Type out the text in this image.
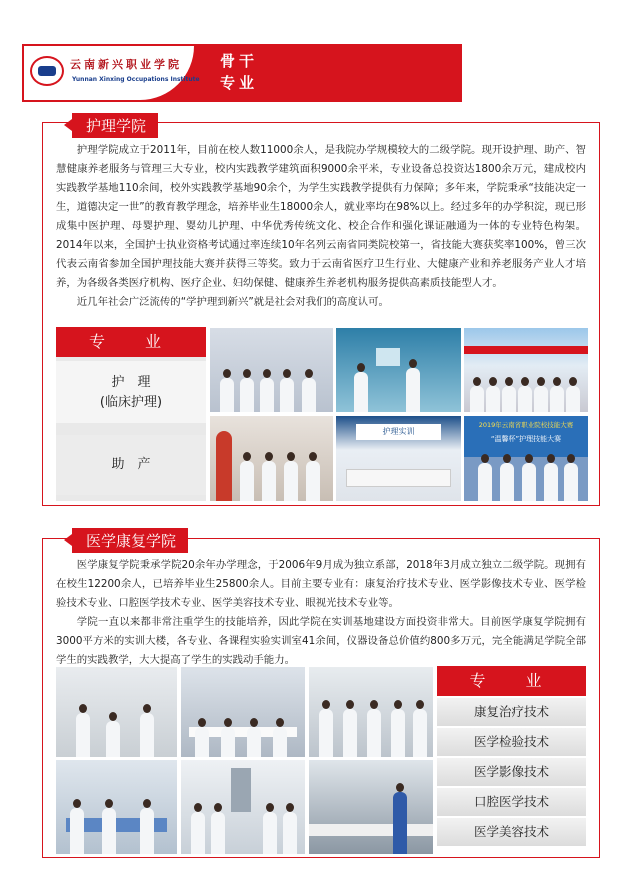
云南新兴职业学院
Yunnan Xinxing Occupations Institute
骨干
专业
护理学院
护理学院成立于2011年，目前在校人数11000余人，是我院办学规模较大的二级学院。现开设护理、助产、智慧健康养老服务与管理三大专业，校内实践教学建筑面积9000余平米，专业设备总投资达1800余万元，建成校内实践教学基地110余间，校外实践教学基地90余个，为学生实践教学提供有力保障；多年来，学院秉承“技能决定一生，道德决定一世”的教育教学理念，培养毕业生18000余人，就业率均在98%以上。经过多年的办学积淀，现已形成集中医护理、母婴护理、婴幼儿护理、中华优秀传统文化、校企合作和强化课证融通为一体的专业特色构架。2014年以来，全国护士执业资格考试通过率连续10年名列云南省同类院校第一，省技能大赛获奖率100%，曾三次代表云南省参加全国护理技能大赛并获得三等奖。致力于云南省医疗卫生行业、大健康产业和养老服务产业人才培养，为各级各类医疗机构、医疗企业、妇幼保健、健康养生养老机构服务提供高素质技能型人才。
近几年社会广泛流传的“学护理到新兴”就是社会对我们的高度认可。
专　业
护　理
(临床护理)
助　产
护理实训
2019年云南省职业院校技能大赛
“温馨杯”护理技能大赛
医学康复学院
医学康复学院秉承学院20余年办学理念，于2006年9月成为独立系部，2018年3月成立独立二级学院。现拥有在校生12200余人，已培养毕业生25800余人。目前主要专业有：康复治疗技术专业、医学影像技术专业、医学检验技术专业、口腔医学技术专业、医学美容技术专业、眼视光技术专业等。
学院一直以来都非常注重学生的技能培养，因此学院在实训基地建设方面投资非常大。目前医学康复学院拥有3000平方米的实训大楼，各专业、各课程实验实训室41余间，仪器设备总价值约800多万元，完全能满足学院全部学生的实践教学，大大提高了学生的实践动手能力。
专　业
康复治疗技术
医学检验技术
医学影像技术
口腔医学技术
医学美容技术
